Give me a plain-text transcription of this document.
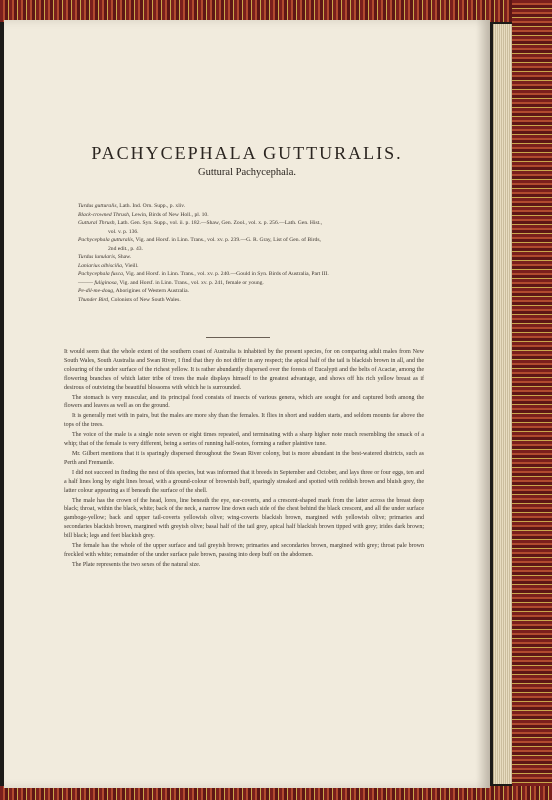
PACHYCEPHALA GUTTURALIS.
Guttural Pachycephala.

Turdus gutturalis, Lath. Ind. Orn. Supp., p. xliv.

Black-crowned Thrush, Lewin, Birds of New Holl., pl. 10.

Guttural Thrush, Lath. Gen. Syn. Supp., vol. ii. p. 182.—Shaw, Gen. Zool., vol. x. p. 256.—Lath. Gen. Hist.,

vol. v. p. 136.

Pachycephala gutturalis, Vig. and Horsf. in Linn. Trans., vol. xv. p. 239.—G. R. Gray, List of Gen. of Birds,

2nd edit., p. 43.

Turdus lunularis, Shaw.

Laniarius albiscilia, Vieill.

Pachycephala fusca, Vig. and Horsf. in Linn. Trans., vol. xv. p. 240.—Gould in Syn. Birds of Australia, Part III.

——— fuliginosa, Vig. and Horsf. in Linn. Trans., vol. xv. p. 241, female or young.

Pe-dil-me-doug, Aborigines of Western Australia.

Thunder Bird, Colonists of New South Wales.

It would seem that the whole extent of the southern coast of Australia is inhabited by the present species, for on comparing adult males from New South Wales, South Australia and Swan River, I find that they do not differ in any respect; the apical half of the tail is blackish brown in all, and the colouring of the under surface of the richest yellow. It is rather abundantly dispersed over the forests of Eucalypti and the belts of Acaciæ, among the flowering branches of which latter tribe of trees the male displays himself to the greatest advantage, and shows off his rich yellow breast as if desirous of outvieing the beautiful blossoms with which he is surrounded.

The stomach is very muscular, and its principal food consists of insects of various genera, which are sought for and captured both among the flowers and leaves as well as on the ground.

It is generally met with in pairs, but the males are more shy than the females. It flies in short and sudden starts, and seldom mounts far above the tops of the trees.

The voice of the male is a single note seven or eight times repeated, and terminating with a sharp higher note much resembling the smack of a whip; that of the female is very different, being a series of running half-notes, forming a rather plaintive tune.

Mr. Gilbert mentions that it is sparingly dispersed throughout the Swan River colony, but is more abundant in the best-watered districts, such as Perth and Fremantle.

I did not succeed in finding the nest of this species, but was informed that it breeds in September and October, and lays three or four eggs, ten and a half lines long by eight lines broad, with a ground-colour of brownish buff, sparingly streaked and spotted with reddish brown and bluish grey, the latter colour appearing as if beneath the surface of the shell.

The male has the crown of the head, lores, line beneath the eye, ear-coverts, and a crescent-shaped mark from the latter across the breast deep black; throat, within the black, white; back of the neck, a narrow line down each side of the chest behind the black crescent, and all the under surface gamboge-yellow; back and upper tail-coverts yellowish olive; wing-coverts blackish brown, margined with yellowish olive; primaries and secondaries blackish brown, margined with greyish olive; basal half of the tail grey, apical half blackish brown tipped with grey; irides dark brown; bill black; legs and feet blackish grey.

The female has the whole of the upper surface and tail greyish brown; primaries and secondaries brown, margined with grey; throat pale brown freckled with white; remainder of the under surface pale brown, passing into deep buff on the abdomen.

The Plate represents the two sexes of the natural size.
